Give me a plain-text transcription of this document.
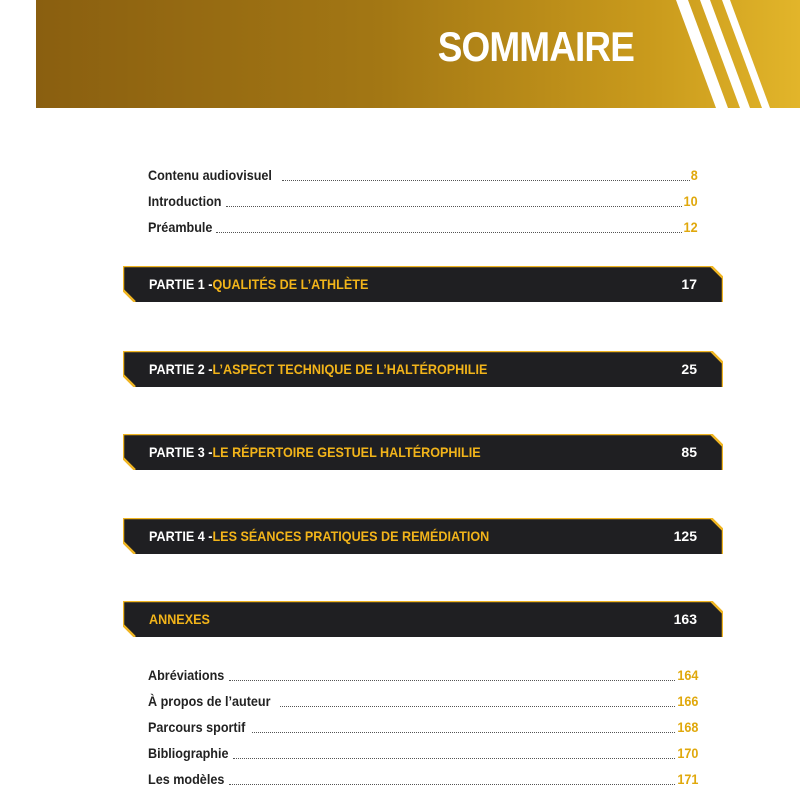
SOMMAIRE
Contenu audiovisuel	8
Introduction	10
Préambule	12
PARTIE 1 - QUALITÉS DE L’ATHLÈTE	17
PARTIE 2 - L’ASPECT TECHNIQUE DE L’HALTÉROPHILIE	25
PARTIE 3 - LE RÉPERTOIRE GESTUEL HALTÉROPHILIE	85
PARTIE 4 - LES SÉANCES PRATIQUES DE REMÉDIATION	125
ANNEXES	163
Abréviations	164
À propos de l’auteur	166
Parcours sportif	168
Bibliographie	170
Les modèles	171
